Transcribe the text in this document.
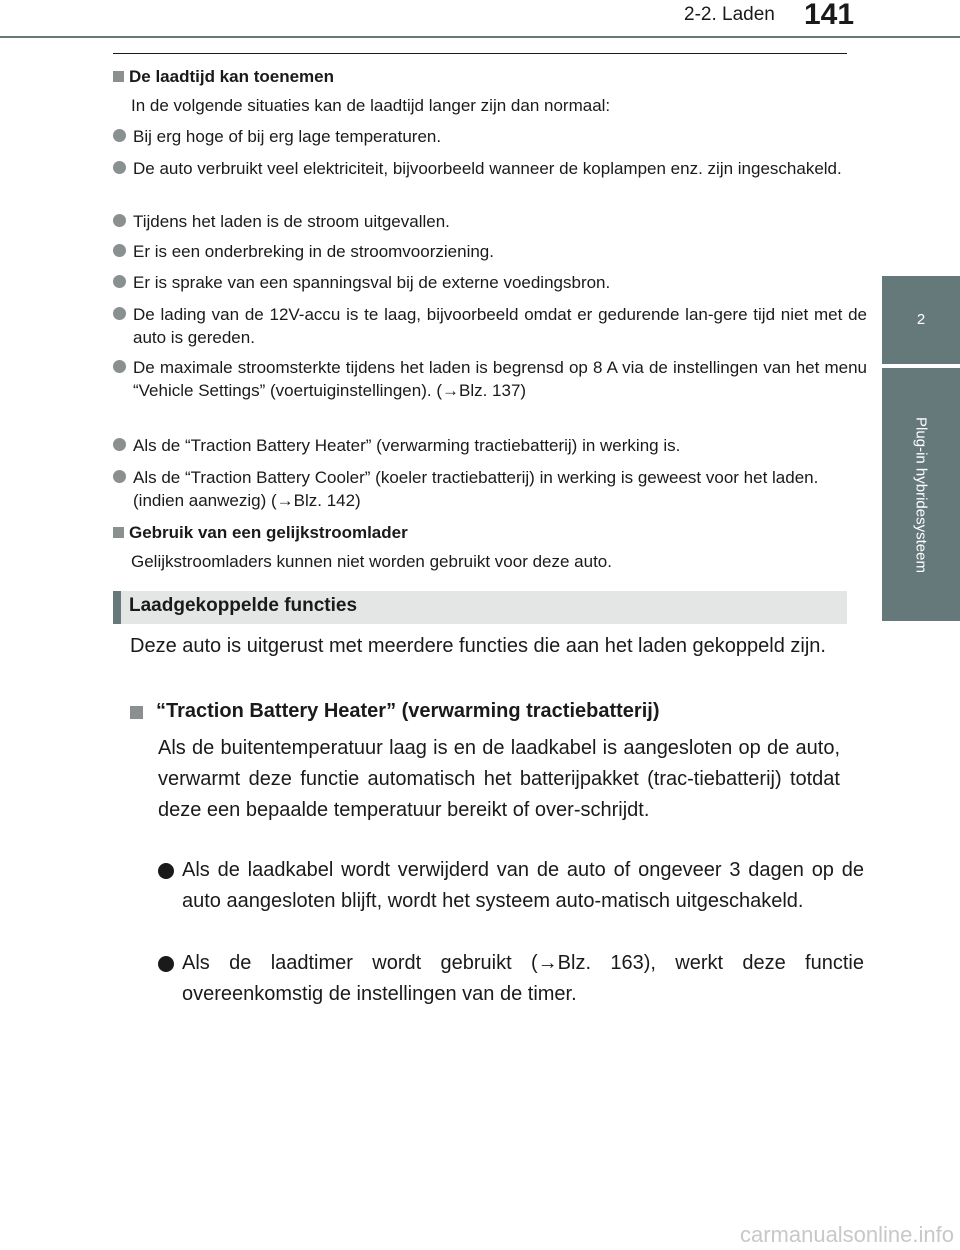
2-2. Laden 141
2
Plug-in hybridesysteem
De laadtijd kan toenemen
In de volgende situaties kan de laadtijd langer zijn dan normaal:
Bij erg hoge of bij erg lage temperaturen.
De auto verbruikt veel elektriciteit, bijvoorbeeld wanneer de koplampen enz. zijn ingeschakeld.
Tijdens het laden is de stroom uitgevallen.
Er is een onderbreking in de stroomvoorziening.
Er is sprake van een spanningsval bij de externe voedingsbron.
De lading van de 12V-accu is te laag, bijvoorbeeld omdat er gedurende lan-gere tijd niet met de auto is gereden.
De maximale stroomsterkte tijdens het laden is begrensd op 8 A via de instellingen van het menu “Vehicle Settings” (voertuiginstellingen). (→Blz. 137)
Als de “Traction Battery Heater” (verwarming tractiebatterij) in werking is.
Als de “Traction Battery Cooler” (koeler tractiebatterij) in werking is geweest voor het laden. (indien aanwezig) (→Blz. 142)
Gebruik van een gelijkstroomlader
Gelijkstroomladers kunnen niet worden gebruikt voor deze auto.
Laadgekoppelde functies
Deze auto is uitgerust met meerdere functies die aan het laden gekoppeld zijn.
“Traction Battery Heater” (verwarming tractiebatterij)
Als de buitentemperatuur laag is en de laadkabel is aangesloten op de auto, verwarmt deze functie automatisch het batterijpakket (trac-tiebatterij) totdat deze een bepaalde temperatuur bereikt of over-schrijdt.
Als de laadkabel wordt verwijderd van de auto of ongeveer 3 dagen op de auto aangesloten blijft, wordt het systeem auto-matisch uitgeschakeld.
Als de laadtimer wordt gebruikt (→Blz. 163), werkt deze functie overeenkomstig de instellingen van de timer.
carmanualsonline.info
